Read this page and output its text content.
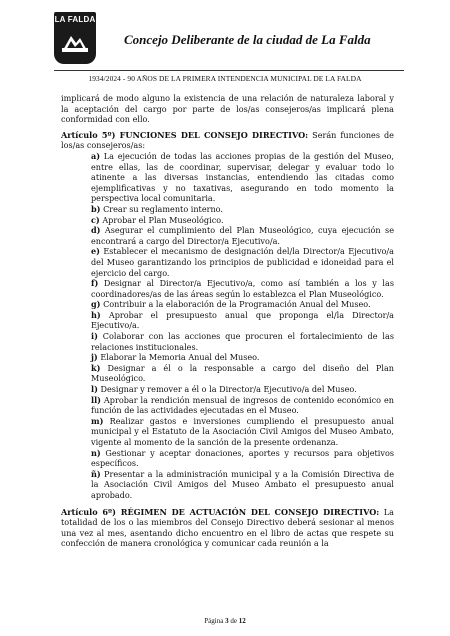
LA FALDA
Concejo Deliberante de la ciudad de La Falda
1934/2024 - 90 AÑOS DE LA PRIMERA INTENDENCIA MUNICIPAL DE LA FALDA

implicará de modo alguno la existencia de una relación de naturaleza laboral y la aceptación del cargo por parte de los/as consejeros/as implicará plena conformidad con ello.

Artículo 5º) FUNCIONES DEL CONSEJO DIRECTIVO: Serán funciones de los/as consejeros/as:

a) La ejecución de todas las acciones propias de la gestión del Museo, entre ellas, las de coordinar, supervisar, delegar y evaluar todo lo atinente a las diversas instancias, entendiendo las citadas como ejemplificativas y no taxativas, asegurando en todo momento la perspectiva local comunitaria.

b) Crear su reglamento interno.

c) Aprobar el Plan Museológico.

d) Asegurar el cumplimiento del Plan Museológico, cuya ejecución se encontrará a cargo del Director/a Ejecutivo/a.

e) Establecer el mecanismo de designación del/la Director/a Ejecutivo/a del Museo garantizando los principios de publicidad e idoneidad para el ejercicio del cargo.

f) Designar al Director/a Ejecutivo/a, como así también a los y las coordinadores/as de las áreas según lo establezca el Plan Museológico.

g) Contribuir a la elaboración de la Programación Anual del Museo.

h) Aprobar el presupuesto anual que proponga el/la Director/a Ejecutivo/a.

i) Colaborar con las acciones que procuren el fortalecimiento de las relaciones institucionales.

j) Elaborar la Memoria Anual del Museo.

k) Designar a él o la responsable a cargo del diseño del Plan Museológico.

l) Designar y remover a él o la Director/a Ejecutivo/a del Museo.

ll) Aprobar la rendición mensual de ingresos de contenido económico en función de las actividades ejecutadas en el Museo.

m) Realizar gastos e inversiones cumpliendo el presupuesto anual municipal y el Estatuto de la Asociación Civil Amigos del Museo Ambato, vigente al momento de la sanción de la presente ordenanza.

n) Gestionar y aceptar donaciones, aportes y recursos para objetivos específicos.

ñ) Presentar a la administración municipal y a la Comisión Directiva de la Asociación Civil Amigos del Museo Ambato el presupuesto anual aprobado.

Artículo 6º) RÉGIMEN DE ACTUACIÓN DEL CONSEJO DIRECTIVO: La totalidad de los o las miembros del Consejo Directivo deberá sesionar al menos una vez al mes, asentando dicho encuentro en el libro de actas que respete su confección de manera cronológica y comunicar cada reunión a la

Página 3 de 12
